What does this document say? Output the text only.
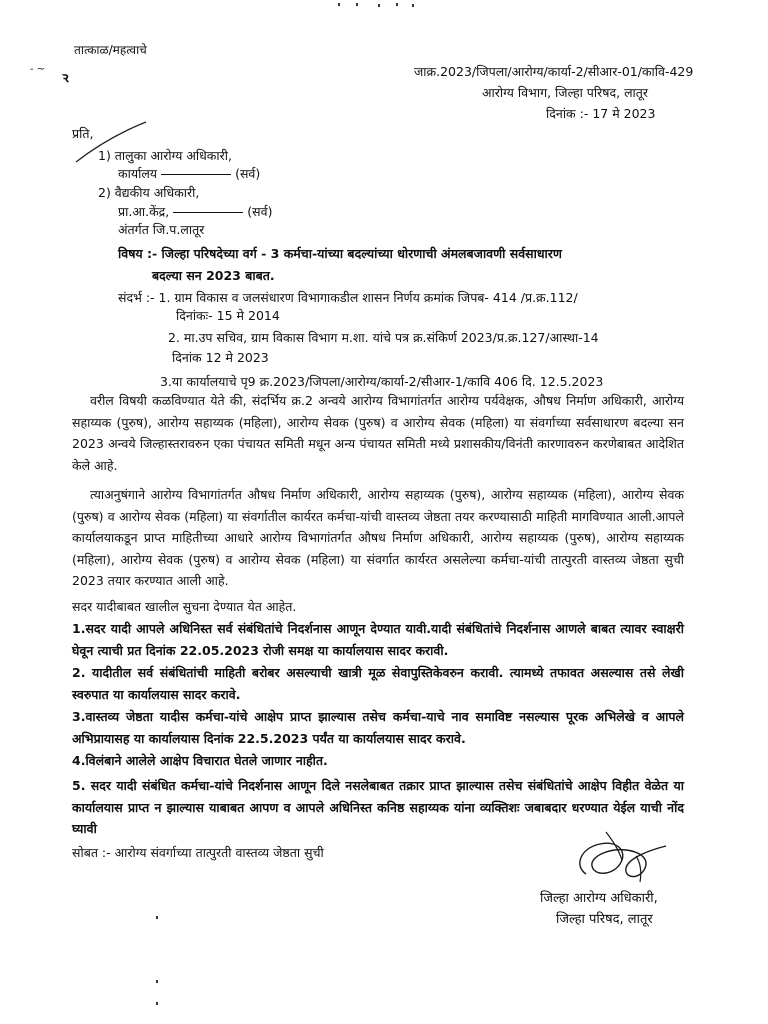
तात्काळ/महत्वाचे
- ~
ꝛ	जाक्र.2023/जिपला/आरोग्य/कार्या-2/सीआर-01/कावि-429
आरोग्य विभाग, जिल्हा परिषद, लातूर
दिनांक :- 17 मे 2023
प्रति,
1) तालुका आरोग्य अधिकारी,
कार्यालय	(सर्व)
2) वैद्यकीय अधिकारी,
प्रा.आ.केंद्र,	(सर्व)
अंतर्गत जि.प.लातूर
विषय :- जिल्हा परिषदेच्या वर्ग - 3 कर्मचा-यांच्या बदल्यांच्या धोरणाची अंमलबजावणी सर्वसाधारण
बदल्या सन 2023 बाबत.
संदर्भ :- 1. ग्राम विकास व जलसंधारण विभागाकडील शासन निर्णय क्रमांक जिपब- 414 /प्र.क्र.112/
दिनांकः- 15 मे 2014
2. मा.उप सचिव, ग्राम विकास विभाग म.शा. यांचे पत्र क्र.संकिर्ण 2023/प्र.क्र.127/आस्था-14
दिनांक 12 मे 2023
3.या कार्यालयाचे पृ9 क्र.2023/जिपला/आरोग्य/कार्या-2/सीआर-1/कावि 406 दि. 12.5.2023
वरील विषयी कळविण्यात येते की, संदर्भिय क्र.2 अन्वये आरोग्य विभागांतर्गत आरोग्य पर्यवेक्षक, औषध निर्माण अधिकारी, आरोग्य सहाय्यक (पुरुष), आरोग्य सहाय्यक (महिला), आरोग्य सेवक (पुरुष) व आरोग्य सेवक (महिला) या संवर्गाच्या सर्वसाधारण बदल्या सन 2023 अन्वये जिल्हास्तरावरुन एका पंचायत समिती मधून अन्य पंचायत समिती मध्ये प्रशासकीय/विनंती कारणावरुन करणेबाबत आदेशित केले आहे.
त्याअनुषंगाने आरोग्य विभागांतर्गत औषध निर्माण अधिकारी, आरोग्य सहाय्यक (पुरुष), आरोग्य सहाय्यक (महिला), आरोग्य सेवक (पुरुष) व आरोग्य सेवक (महिला) या संवर्गातील कार्यरत कर्मचा-यांची वास्तव्य जेष्ठता तयर करण्यासाठी माहिती मागविण्यात आली.आपले कार्यालयाकडून प्राप्त माहितीच्या आधारे आरोग्य विभागांतर्गत औषध निर्माण अधिकारी, आरोग्य सहाय्यक (पुरुष), आरोग्य सहाय्यक (महिला), आरोग्य सेवक (पुरुष) व आरोग्य सेवक (महिला) या संवर्गात कार्यरत असलेल्या कर्मचा-यांची तात्पुरती वास्तव्य जेष्ठता सुची 2023 तयार करण्यात आली आहे.
सदर यादीबाबत खालील सुचना देण्यात येत आहेत.
1.सदर यादी आपले अधिनिस्त सर्व संबंधितांचे निदर्शनास आणून देण्यात यावी.यादी संबंधितांचे निदर्शनास आणले बाबत त्यावर स्वाक्षरी घेवून त्याची प्रत दिनांक 22.05.2023 रोजी समक्ष या कार्यालयास सादर करावी.
2. यादीतील सर्व संबंधितांची माहिती बरोबर असल्याची खात्री मूळ सेवापुस्तिकेवरुन करावी. त्यामध्ये तफावत असल्यास तसे लेखी स्वरुपात या कार्यालयास सादर करावे.
3.वास्तव्य जेष्ठता यादीस कर्मचा-यांचे आक्षेप प्राप्त झाल्यास तसेच कर्मचा-याचे नाव समाविष्ट नसल्यास पूरक अभिलेखे व आपले अभिप्रायासह या कार्यालयास दिनांक 22.5.2023 पर्यंत या कार्यालयास सादर करावे.
4.विलंबाने आलेले आक्षेप विचारात घेतले जाणार नाहीत.
5. सदर यादी संबंधित कर्मचा-यांचे निदर्शनास आणून दिले नसलेबाबत तक्रार प्राप्त झाल्यास तसेच संबंधितांचे आक्षेप विहीत वेळेत या कार्यालयास प्राप्त न झाल्यास याबाबत आपण व आपले अधिनिस्त कनिष्ठ सहाय्यक यांना व्यक्तिशः जबाबदार धरण्यात येईल याची नोंद घ्यावी
सोबत :- आरोग्य संवर्गाच्या तात्पुरती वास्तव्य जेष्ठता सुची
जिल्हा आरोग्य अधिकारी,
जिल्हा परिषद, लातूर
